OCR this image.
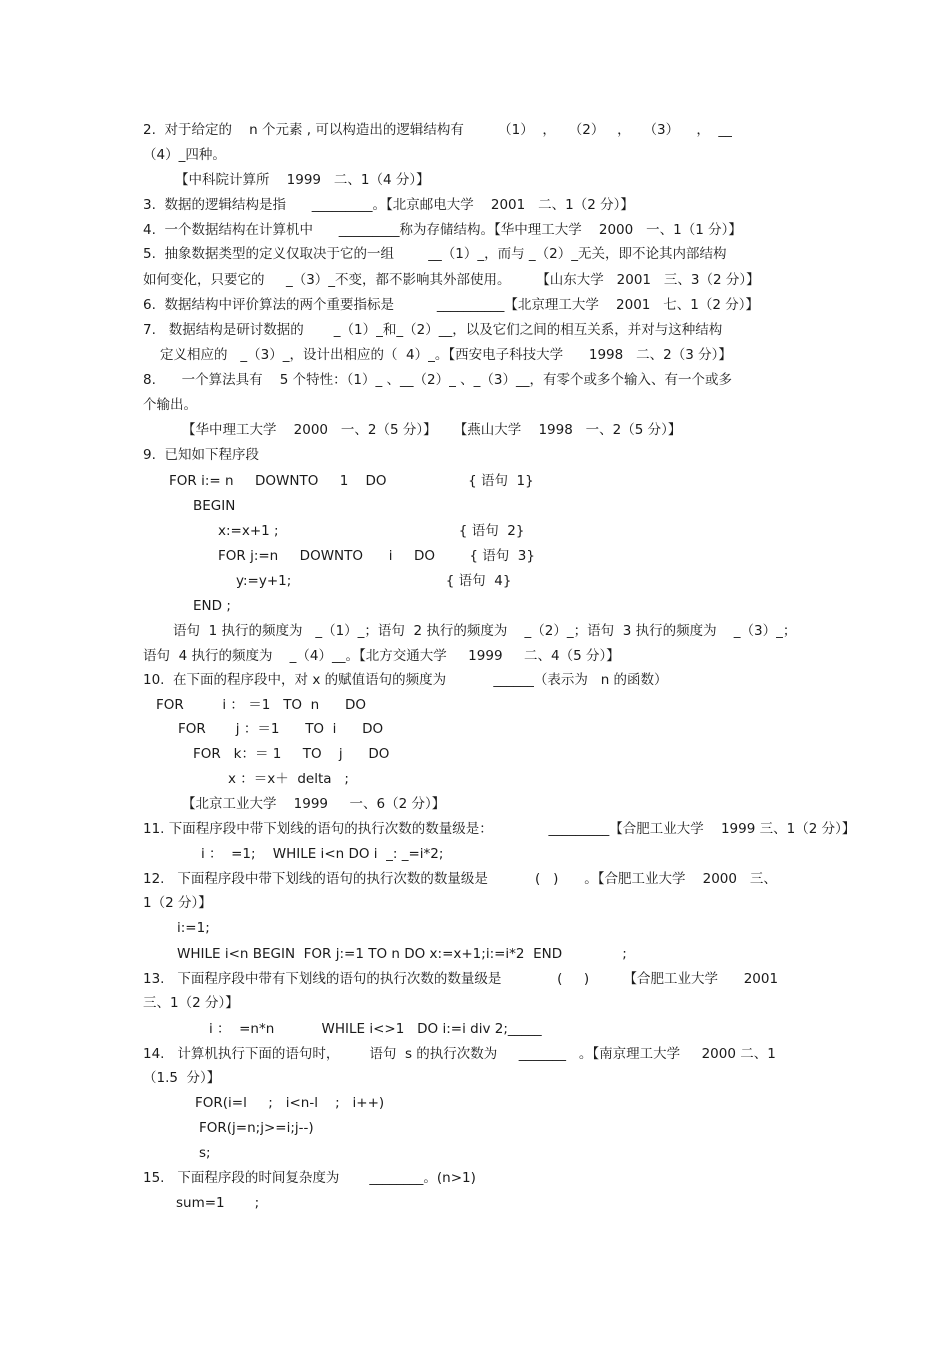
2.  对于给定的    n 个元素 , 可以构造出的逻辑结构有        （1）  ，   （2）   ，   （3）    ，  __
（4）_四种。
【中科院计算所    1999   二、1（4 分）】
3.  数据的逻辑结构是指      _________。【北京邮电大学    2001   二、1（2 分）】
4.  一个数据结构在计算机中      _________称为存储结构。【华中理工大学    2000   一、1（1 分）】
5.  抽象数据类型的定义仅取决于它的一组        __（1）_，而与 _（2）_无关，即不论其内部结构
如何变化，只要它的     _（3）_不变，都不影响其外部使用。      【山东大学   2001   三、3（2 分）】
6.  数据结构中评价算法的两个重要指标是          __________【北京理工大学    2001   七、1（2 分）】
7.   数据结构是研讨数据的       _（1）_和_（2）__，以及它们之间的相互关系，并对与这种结构
定义相应的   _（3）_，设计出相应的（  4）_。【西安电子科技大学      1998   二、2（3 分）】
8.      一个算法具有    5 个特性：（1）_ 、__（2）_ 、_（3）__，有零个或多个输入、有一个或多
个输出。
【华中理工大学    2000   一、2（5 分）】    【燕山大学    1998   一、2（5 分）】
9.  已知如下程序段
FOR i:= n     DOWNTO     1    DO                   { 语句  1}
BEGIN
x:=x+1 ;                                          { 语句  2}
FOR j:=n     DOWNTO      i     DO        { 语句  3}
y:=y+1;                                    { 语句  4}
END ;
语句  1 执行的频度为   _（1）_；语句  2 执行的频度为    _（2）_；语句  3 执行的频度为    _（3）_；
语句  4 执行的频度为    _（4）__。【北方交通大学     1999     二、4（5 分）】
10.  在下面的程序段中，对 x 的赋值语句的频度为           ______（表示为   n 的函数）
FOR         i ： ＝1   TO  n      DO
FOR       j ：＝1      TO  i      DO
FOR   k：＝ 1     TO    j      DO
x ：＝x＋  delta   ;
【北京工业大学    1999     一、6（2 分）】
11. 下面程序段中带下划线的语句的执行次数的数量级是：             _________【合肥工业大学    1999 三、1（2 分）】
i ：  =1;    WHILE i<n DO i  _: _=i*2;
12.   下面程序段中带下划线的语句的执行次数的数量级是           (   )      。【合肥工业大学    2000   三、
1（2 分）】
i:=1;
WHILE i<n BEGIN  FOR j:=1 TO n DO x:=x+1;i:=i*2  END              ;
13.   下面程序段中带有下划线的语句的执行次数的数量级是             (     )        【合肥工业大学      2001
三、1（2 分）】
i ：  =n*n           WHILE i<>1   DO i:=i div 2;_____
14.   计算机执行下面的语句时，       语句  s 的执行次数为     _______   。【南京理工大学     2000 二、1
（1.5  分）】
FOR(i=l     ;   i<n-l    ;   i++)
FOR(j=n;j>=i;j--)
s;
15.   下面程序段的时间复杂度为       ________。(n>1)
sum=1       ;
